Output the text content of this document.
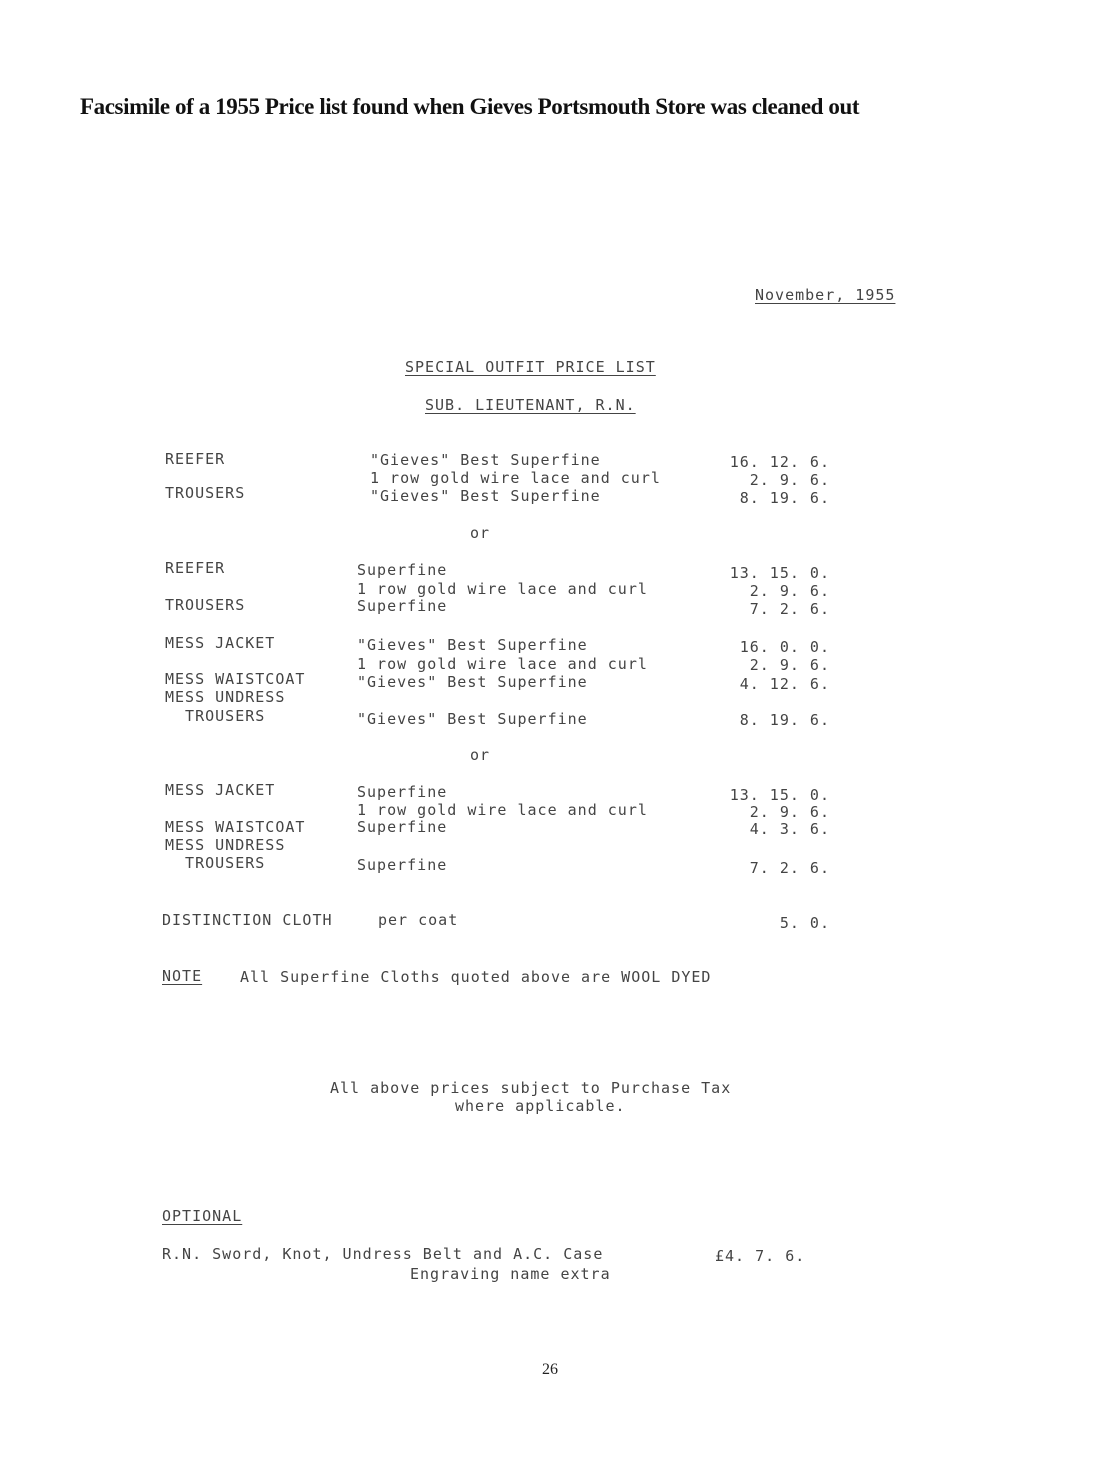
Facsimile of a 1955 Price list found when Gieves Portsmouth Store was cleaned out
November, 1955
SPECIAL OUTFIT PRICE LIST
SUB. LIEUTENANT, R.N.
REEFER	"Gieves" Best Superfine	16. 12. 6.
1 row gold wire lace and curl	2. 9. 6.
TROUSERS	"Gieves" Best Superfine	8. 19. 6.
or
REEFER	Superfine	13. 15. 0.
1 row gold wire lace and curl	2. 9. 6.
TROUSERS	Superfine	7. 2. 6.
MESS JACKET	"Gieves" Best Superfine	16. 0. 0.
1 row gold wire lace and curl	2. 9. 6.
MESS WAISTCOAT	"Gieves" Best Superfine	4. 12. 6.
MESS UNDRESS
TROUSERS	"Gieves" Best Superfine	8. 19. 6.
or
MESS JACKET	Superfine	13. 15. 0.
1 row gold wire lace and curl	2. 9. 6.
MESS WAISTCOAT	Superfine	4. 3. 6.
MESS UNDRESS
TROUSERS	Superfine	7. 2. 6.
DISTINCTION CLOTH	per coat	5. 0.
NOTE	All Superfine Cloths quoted above are WOOL DYED
All above prices subject to Purchase Tax
where applicable.
OPTIONAL
R.N. Sword, Knot, Undress Belt and A.C. Case	£4. 7. 6.
Engraving name extra
26
